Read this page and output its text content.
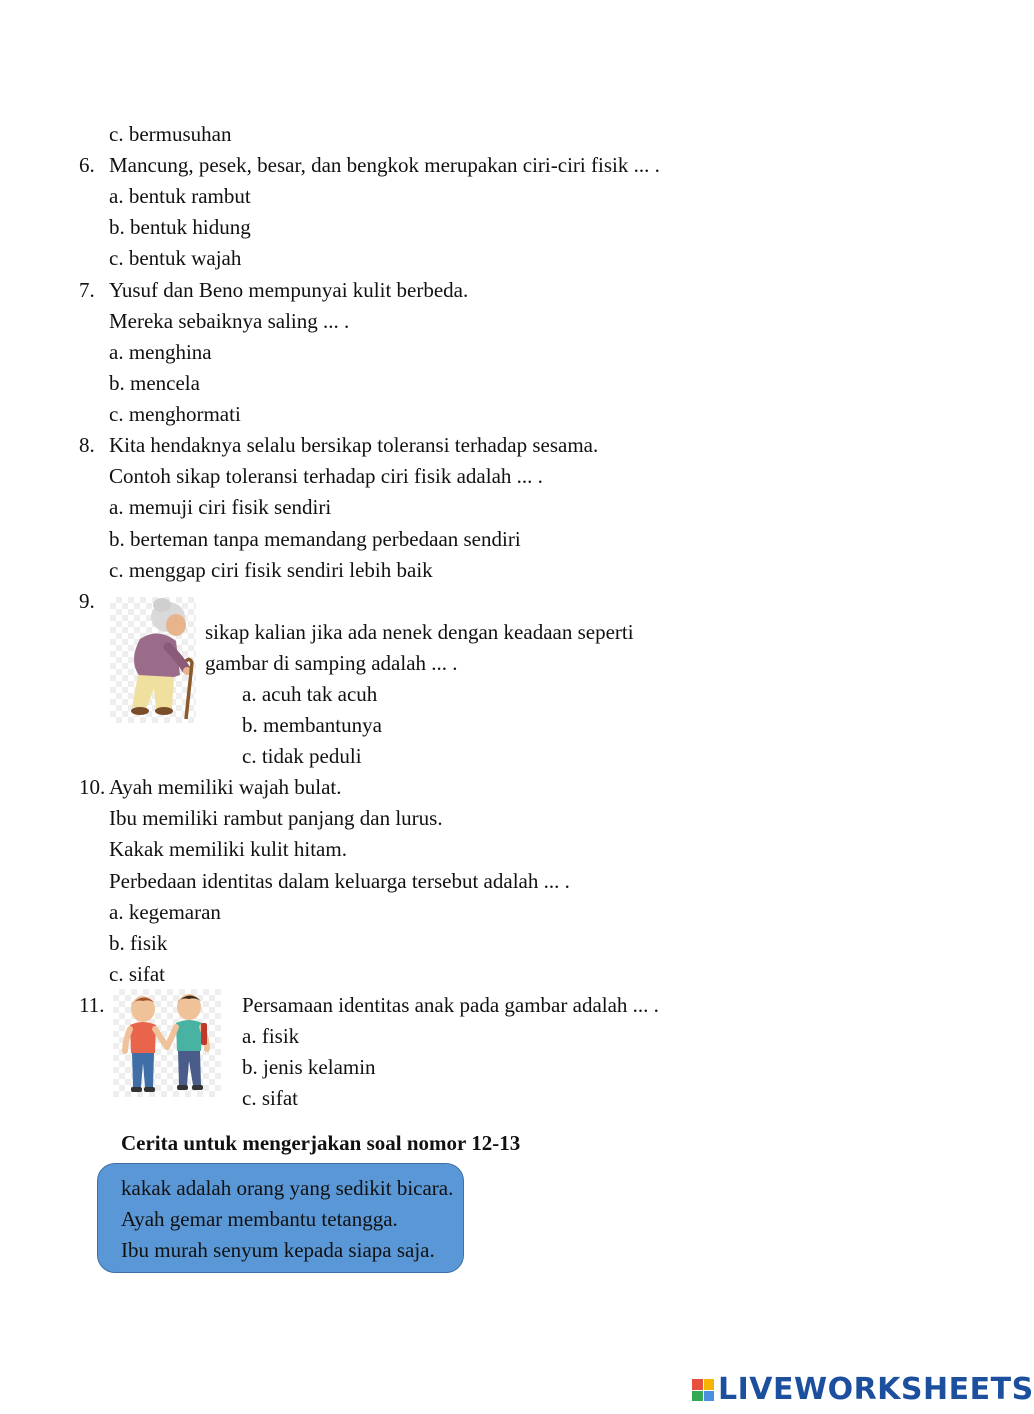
c. bermusuhan
6. Mancung, pesek, besar, dan bengkok merupakan ciri-ciri fisik ... .
a. bentuk rambut
b. bentuk hidung
c. bentuk wajah
7. Yusuf dan Beno mempunyai kulit berbeda.
Mereka sebaiknya saling ... .
a. menghina
b. mencela
c. menghormati
8. Kita hendaknya selalu bersikap toleransi terhadap sesama.
Contoh sikap toleransi terhadap ciri fisik adalah ... .
a. memuji ciri fisik sendiri
b. berteman tanpa memandang perbedaan sendiri
c. menggap ciri fisik sendiri lebih baik
9.
sikap kalian jika ada nenek dengan keadaan seperti
gambar di samping adalah ... .
a. acuh tak acuh
b. membantunya
c. tidak peduli
10. Ayah memiliki wajah bulat.
Ibu memiliki rambut panjang dan lurus.
Kakak memiliki kulit hitam.
Perbedaan identitas dalam keluarga tersebut adalah ... .
a. kegemaran
b. fisik
c. sifat
11.	Persamaan identitas anak pada gambar adalah ... .
a. fisik
b. jenis kelamin
c. sifat
Cerita untuk mengerjakan soal nomor 12-13
kakak adalah orang yang sedikit bicara.
Ayah gemar membantu tetangga.
Ibu murah senyum kepada siapa saja.
LIVEWORKSHEETS
